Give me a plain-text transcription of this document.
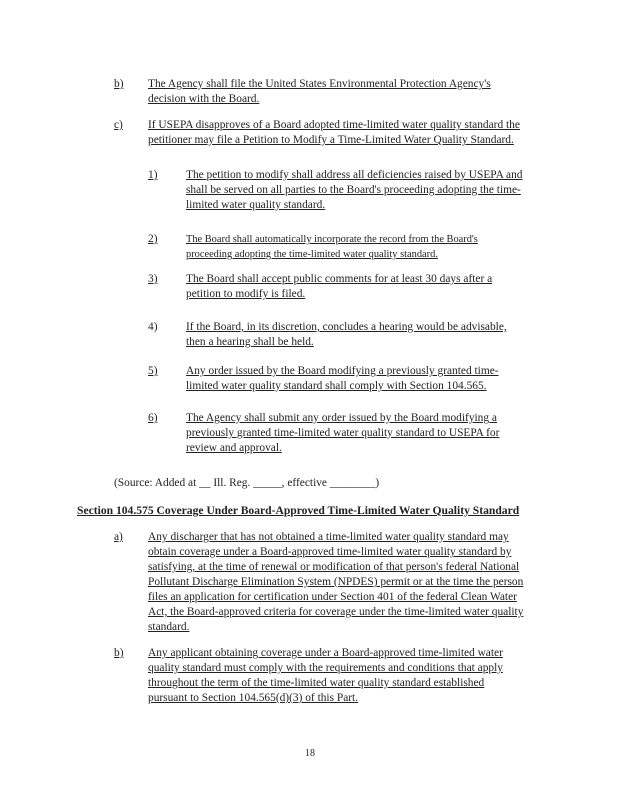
b) The Agency shall file the United States Environmental Protection Agency's
decision with the Board.
c) If USEPA disapproves of a Board adopted time-limited water quality standard the
petitioner may file a Petition to Modify a Time-Limited Water Quality Standard.
1)	The petition to modify shall address all deficiencies raised by USEPA and
shall be served on all parties to the Board's proceeding adopting the time-
limited water quality standard.
2)	The Board shall automatically incorporate the record from the Board's
proceeding adopting the time-limited water quality standard.
3)	The Board shall accept public comments for at least 30 days after a
petition to modify is filed.
4)	If the Board, in its discretion, concludes a hearing would be advisable,
then a hearing shall be held.
5)	Any order issued by the Board modifying a previously granted time-
limited water quality standard shall comply with Section 104.565.
6)	The Agency shall submit any order issued by the Board modifying a
previously granted time-limited water quality standard to USEPA for
review and approval.
(Source: Added at __ Ill. Reg. _____, effective ________)
Section 104.575 Coverage Under Board-Approved Time-Limited Water Quality Standard
a) Any discharger that has not obtained a time-limited water quality standard may
obtain coverage under a Board-approved time-limited water quality standard by
satisfying, at the time of renewal or modification of that person's federal National
Pollutant Discharge Elimination System (NPDES) permit or at the time the person
files an application for certification under Section 401 of the federal Clean Water
Act, the Board-approved criteria for coverage under the time-limited water quality
standard.
b) Any applicant obtaining coverage under a Board-approved time-limited water
quality standard must comply with the requirements and conditions that apply
throughout the term of the time-limited water quality standard established
pursuant to Section 104.565(d)(3) of this Part.
18
